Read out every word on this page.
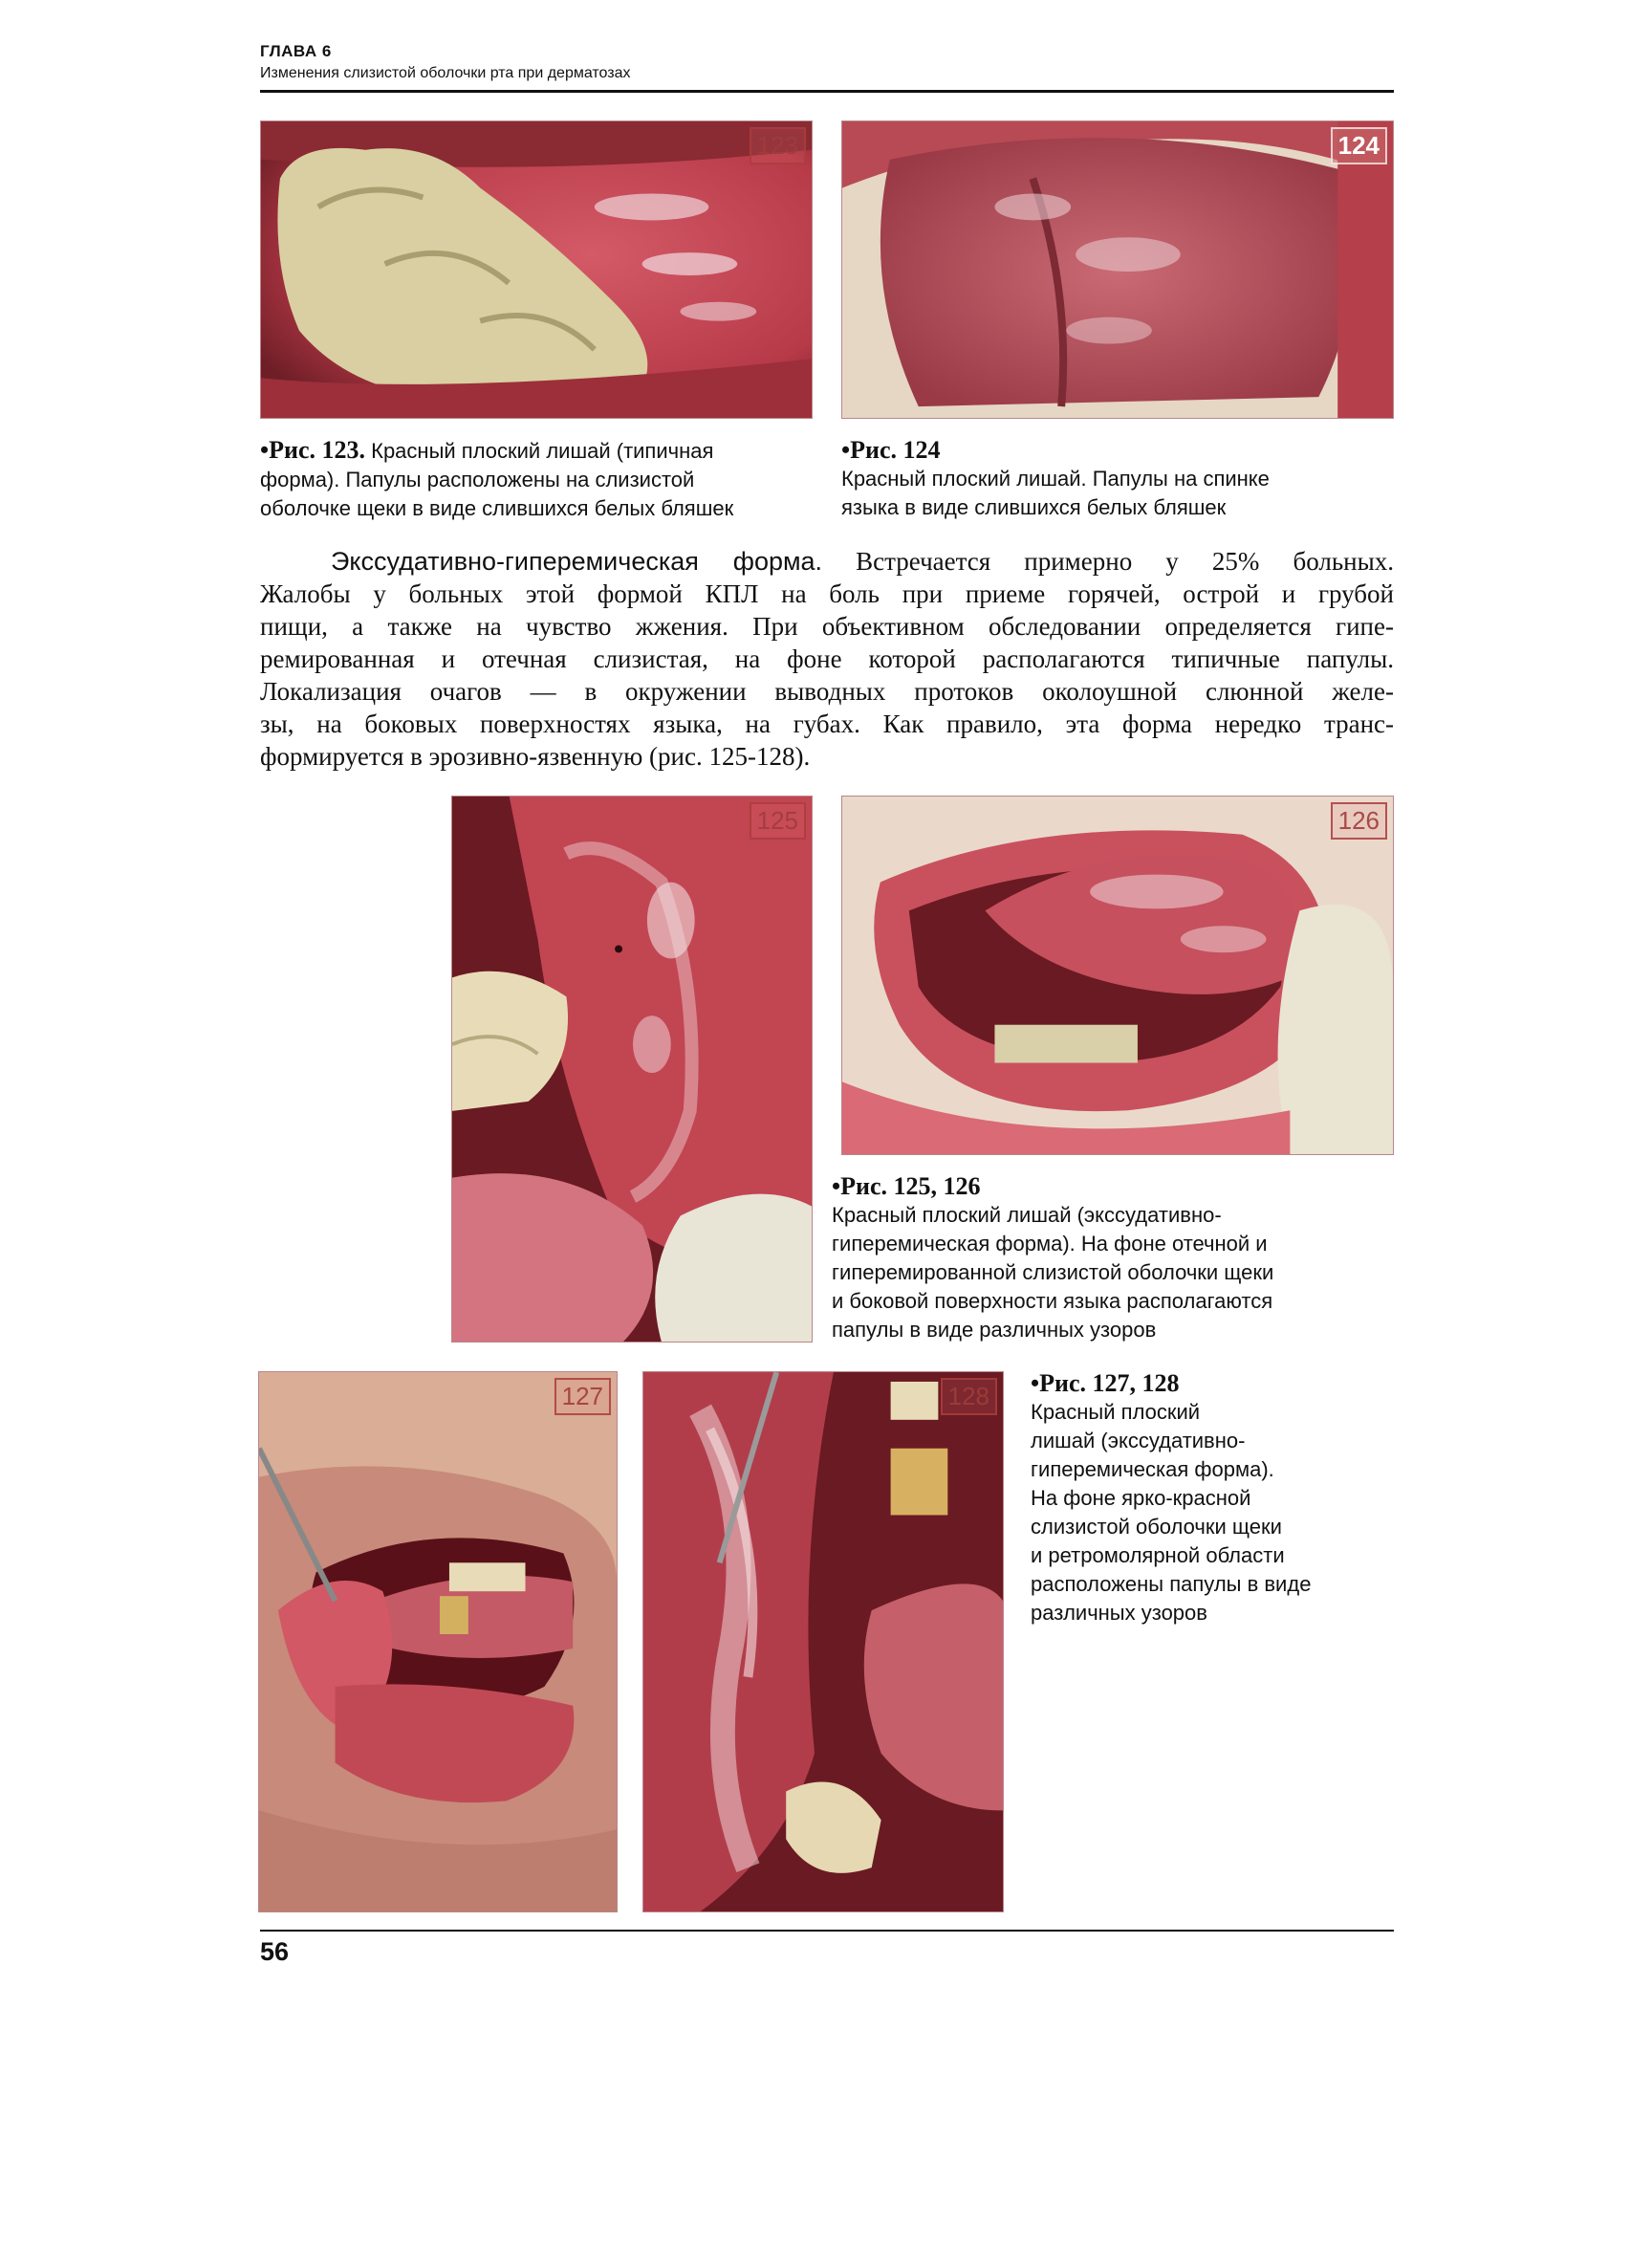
ГЛАВА 6
Изменения слизистой оболочки рта при дерматозах
123	124
•Рис. 123. Красный плоский лишай (типичная
форма). Папулы расположены на слизистой
оболочке щеки в виде слившихся белых бляшек
•Рис. 124
Красный плоский лишай. Папулы на спинке
языка в виде слившихся белых бляшек
Экссудативно-гиперемическая форма. Встречается примерно у 25% больных.
Жалобы у больных этой формой КПЛ на боль при приеме горячей, острой и грубой
пищи, а также на чувство жжения. При объективном обследовании определяется гипе-
ремированная и отечная слизистая, на фоне которой располагаются типичные папулы.
Локализация очагов — в окружении выводных протоков околоушной слюнной желе-
зы, на боковых поверхностях языка, на губах. Как правило, эта форма нередко транс-
формируется в эрозивно-язвенную (рис. 125-128).
125	126
•Рис. 125, 126
Красный плоский лишай (экссудативно-
гиперемическая форма). На фоне отечной и
гиперемированной слизистой оболочки щеки
и боковой поверхности языка располагаются
папулы в виде различных узоров
127	128	•Рис. 127, 128
Красный плоский
лишай (экссудативно-
гиперемическая форма).
На фоне ярко-красной
слизистой оболочки щеки
и ретромолярной области
расположены папулы в виде
различных узоров
56
